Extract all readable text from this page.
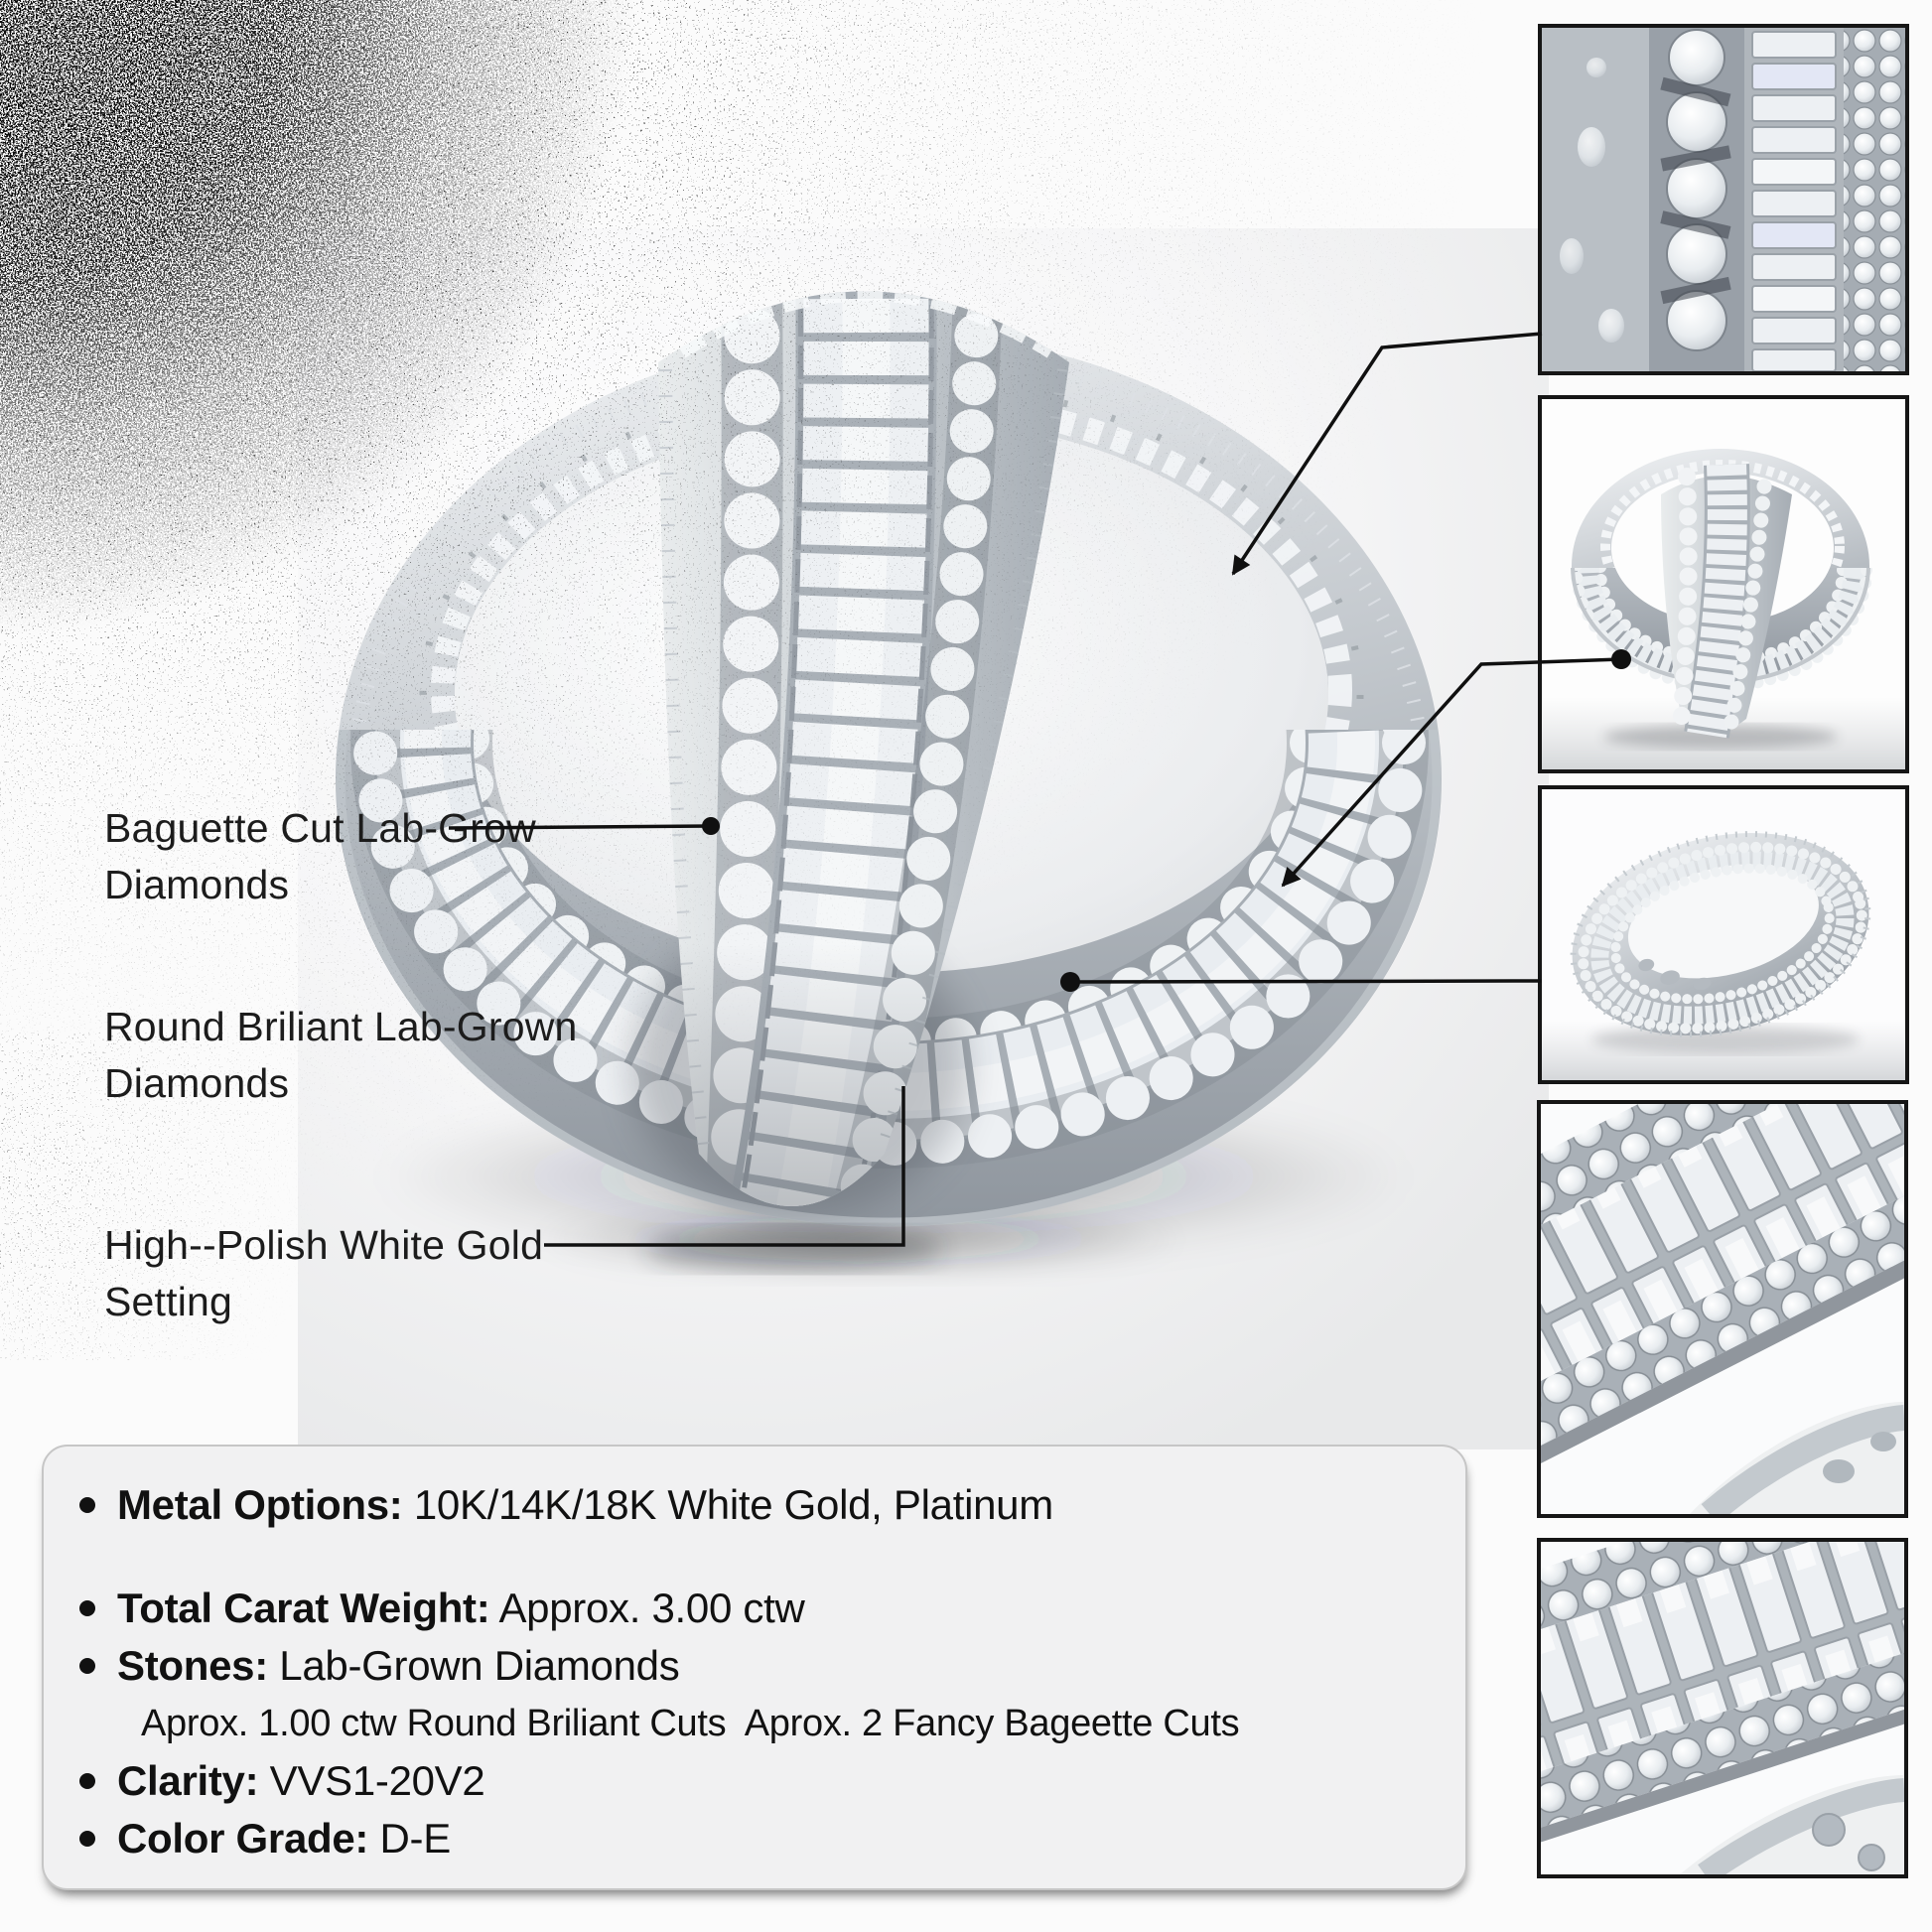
Baguette Cut Lab-Grow
Diamonds
Round Briliant Lab-Grown
Diamonds
High--Polish White Gold
Setting
Metal Options: 10K/14K/18K White Gold, Platinum
Total Carat Weight: Approx. 3.00 ctw
Stones: Lab-Grown Diamonds
Aprox. 1.00 ctw Round Briliant Cuts  Aprox. 2 Fancy Bageette Cuts
Clarity: VVS1-20V2
Color Grade: D-E
